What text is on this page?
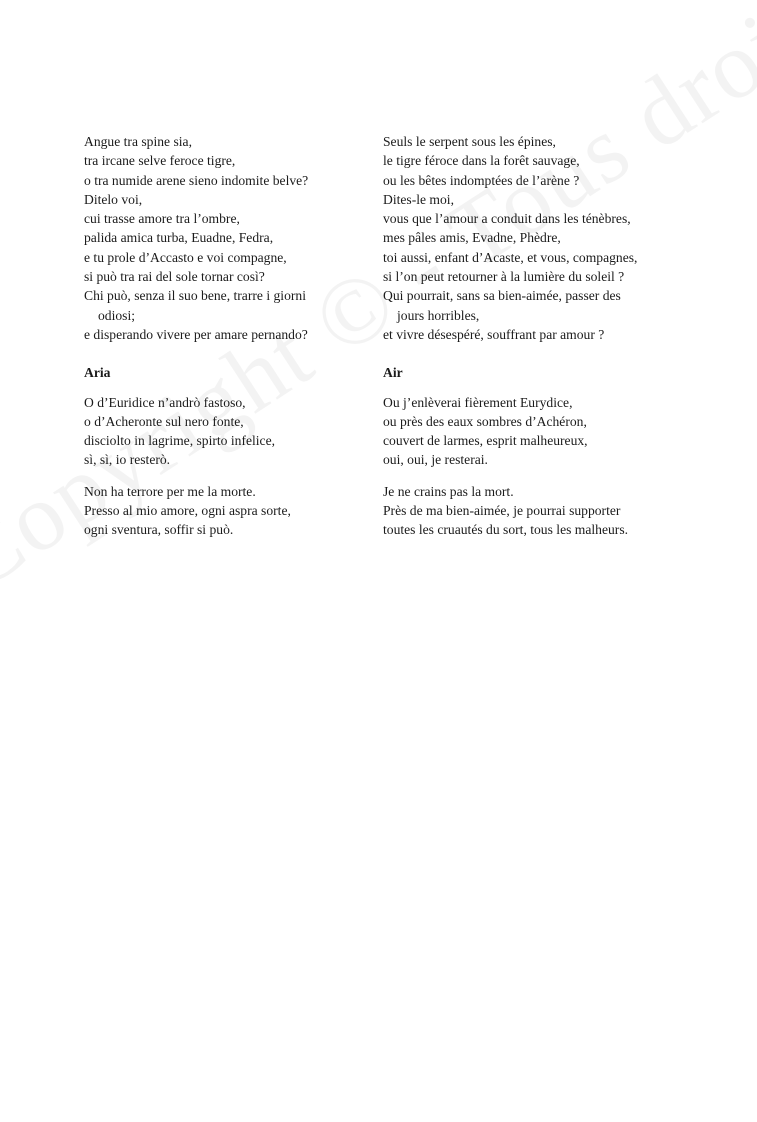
Angue tra spine sia,
tra ircane selve feroce tigre,
o tra numide arene sieno indomite belve?
Ditelo voi,
cui trasse amore tra l’ombre,
palida amica turba, Euadne, Fedra,
e tu prole d’Accasto e voi compagne,
si può tra rai del sole tornar così?
Chi può, senza il suo bene, trarre i giorni
odiosi;
e disperando vivere per amare pernando?
Aria
O d’Euridice n’andrò fastoso,
o d’Acheronte sul nero fonte,
disciolto in lagrime, spirto infelice,
sì, sì, io resterò.
Non ha terrore per me la morte.
Presso al mio amore, ogni aspra sorte,
ogni sventura, soffir si può.
Seuls le serpent sous les épines,
le tigre féroce dans la forêt sauvage,
ou les bêtes indomptées de l’arène ?
Dites-le moi,
vous que l’amour a conduit dans les ténèbres,
mes pâles amis, Evadne, Phèdre,
toi aussi, enfant d’Acaste, et vous, compagnes,
si l’on peut retourner à la lumière du soleil ?
Qui pourrait, sans sa bien-aimée, passer des
jours horribles,
et vivre désespéré, souffrant par amour ?
Air
Ou j’enlèverai fièrement Eurydice,
ou près des eaux sombres d’Achéron,
couvert de larmes, esprit malheureux,
oui, oui, je resterai.
Je ne crains pas la mort.
Près de ma bien-aimée, je pourrai supporter
toutes les cruautés du sort, tous les malheurs.
